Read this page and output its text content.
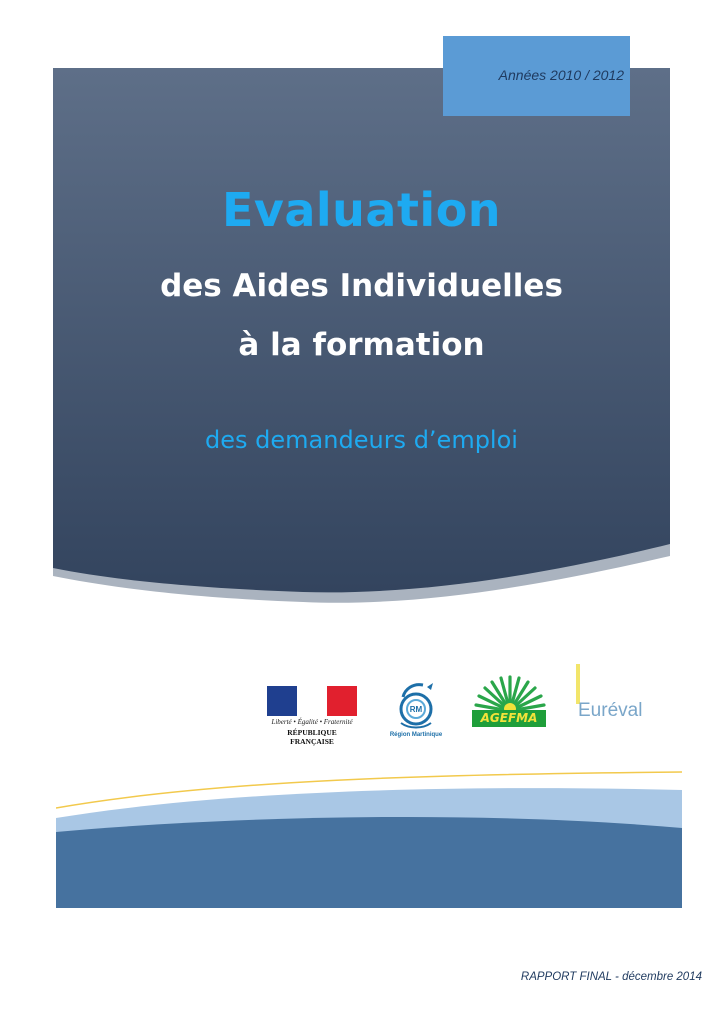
Années 2010 / 2012
Evaluation
des Aides Individuelles
à la formation
des demandeurs d’emploi
Liberté • Égalité • Fraternité
RÉPUBLIQUE FRANÇAISE
RM
Région Martinique
AGEFMA	Euréval
RAPPORT FINAL - décembre 2014
